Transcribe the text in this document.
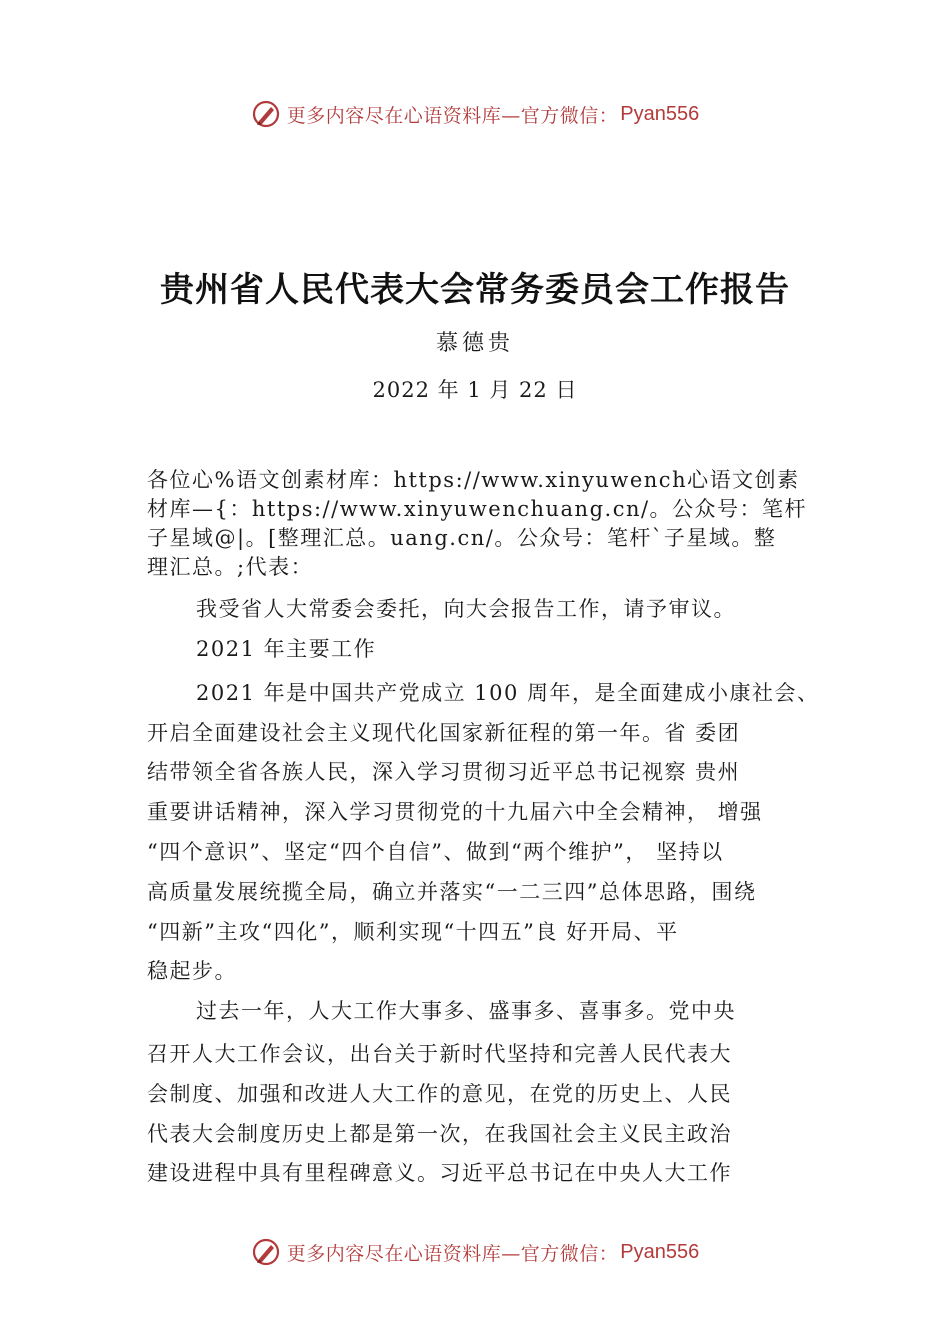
更多内容尽在心语资料库—官方微信： Pyan556
贵州省人民代表大会常务委员会工作报告
慕德贵
2022 年 1 月 22 日
各位心%语文创素材库：https://www.xinyuwench心语文创素
材库—{：https://www.xinyuwenchuang.cn/。公众号：笔杆
子星域@|。[整理汇总。uang.cn/。公众号：笔杆`子星域。整
理汇总。;代表：
我受省人大常委会委托，向大会报告工作，请予审议。
2021 年主要工作
2021 年是中国共产党成立 100 周年，是全面建成小康社会、
开启全面建设社会主义现代化国家新征程的第一年。省 委团
结带领全省各族人民，深入学习贯彻习近平总书记视察 贵州
重要讲话精神，深入学习贯彻党的十九届六中全会精神， 增强
“四个意识”、坚定“四个自信”、做到“两个维护”， 坚持以
高质量发展统揽全局，确立并落实“一二三四”总体思路，围绕
“四新”主攻“四化”，顺利实现“十四五”良 好开局、平
稳起步。
过去一年，人大工作大事多、盛事多、喜事多。党中央
召开人大工作会议，出台关于新时代坚持和完善人民代表大
会制度、加强和改进人大工作的意见，在党的历史上、人民
代表大会制度历史上都是第一次，在我国社会主义民主政治
建设进程中具有里程碑意义。习近平总书记在中央人大工作
更多内容尽在心语资料库—官方微信： Pyan556
